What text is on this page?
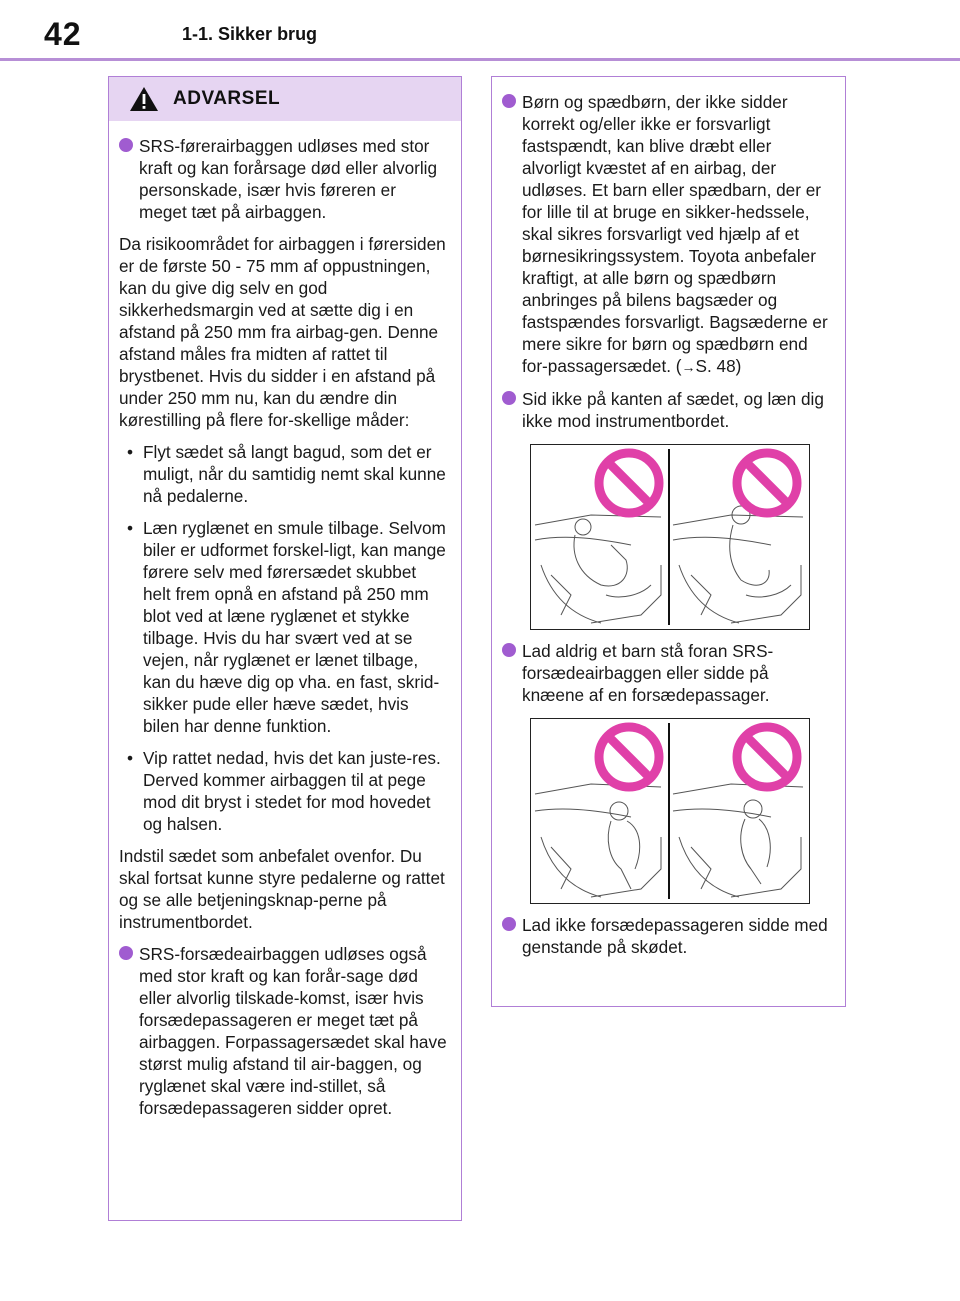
42	1-1. Sikker brug
ADVARSEL
SRS-førerairbaggen udløses med stor kraft og kan forårsage død eller alvorlig personskade, især hvis føreren er meget tæt på airbaggen.
Da risikoområdet for airbaggen i førersiden er de første 50 - 75 mm af oppustningen, kan du give dig selv en god sikkerhedsmargin ved at sætte dig i en afstand på 250 mm fra airbag-gen. Denne afstand måles fra midten af rattet til brystbenet. Hvis du sidder i en afstand på under 250 mm nu, kan du ændre din kørestilling på flere for-skellige måder:
• Flyt sædet så langt bagud, som det er muligt, når du samtidig nemt skal kunne nå pedalerne.
• Læn ryglænet en smule tilbage. Selvom biler er udformet forskel-ligt, kan mange førere selv med førersædet skubbet helt frem opnå en afstand på 250 mm blot ved at læne ryglænet et stykke tilbage. Hvis du har svært ved at se vejen, når ryglænet er lænet tilbage, kan du hæve dig op vha. en fast, skrid-sikker pude eller hæve sædet, hvis bilen har denne funktion.
• Vip rattet nedad, hvis det kan juste-res. Derved kommer airbaggen til at pege mod dit bryst i stedet for mod hovedet og halsen.
Indstil sædet som anbefalet ovenfor. Du skal fortsat kunne styre pedalerne og rattet og se alle betjeningsknap-perne på instrumentbordet.
SRS-forsædeairbaggen udløses også med stor kraft og kan forår-sage død eller alvorlig tilskade-komst, især hvis forsædepassageren er meget tæt på airbaggen. Forpassagersædet skal have størst mulig afstand til air-baggen, og ryglænet skal være ind-stillet, så forsædepassageren sidder opret.
Børn og spædbørn, der ikke sidder korrekt og/eller ikke er forsvarligt fastspændt, kan blive dræbt eller alvorligt kvæstet af en airbag, der udløses. Et barn eller spædbarn, der er for lille til at bruge en sikker-hedssele, skal sikres forsvarligt ved hjælp af et børnesikringssystem. Toyota anbefaler kraftigt, at alle børn og spædbørn anbringes på bilens bagsæder og fastspændes forsvarligt. Bagsæderne er mere sikre for børn og spædbørn end for-passagersædet. (→S. 48)
Sid ikke på kanten af sædet, og læn dig ikke mod instrumentbordet.
Lad aldrig et barn stå foran SRS-forsædeairbaggen eller sidde på knæene af en forsædepassager.
Lad ikke forsædepassageren sidde med genstande på skødet.
